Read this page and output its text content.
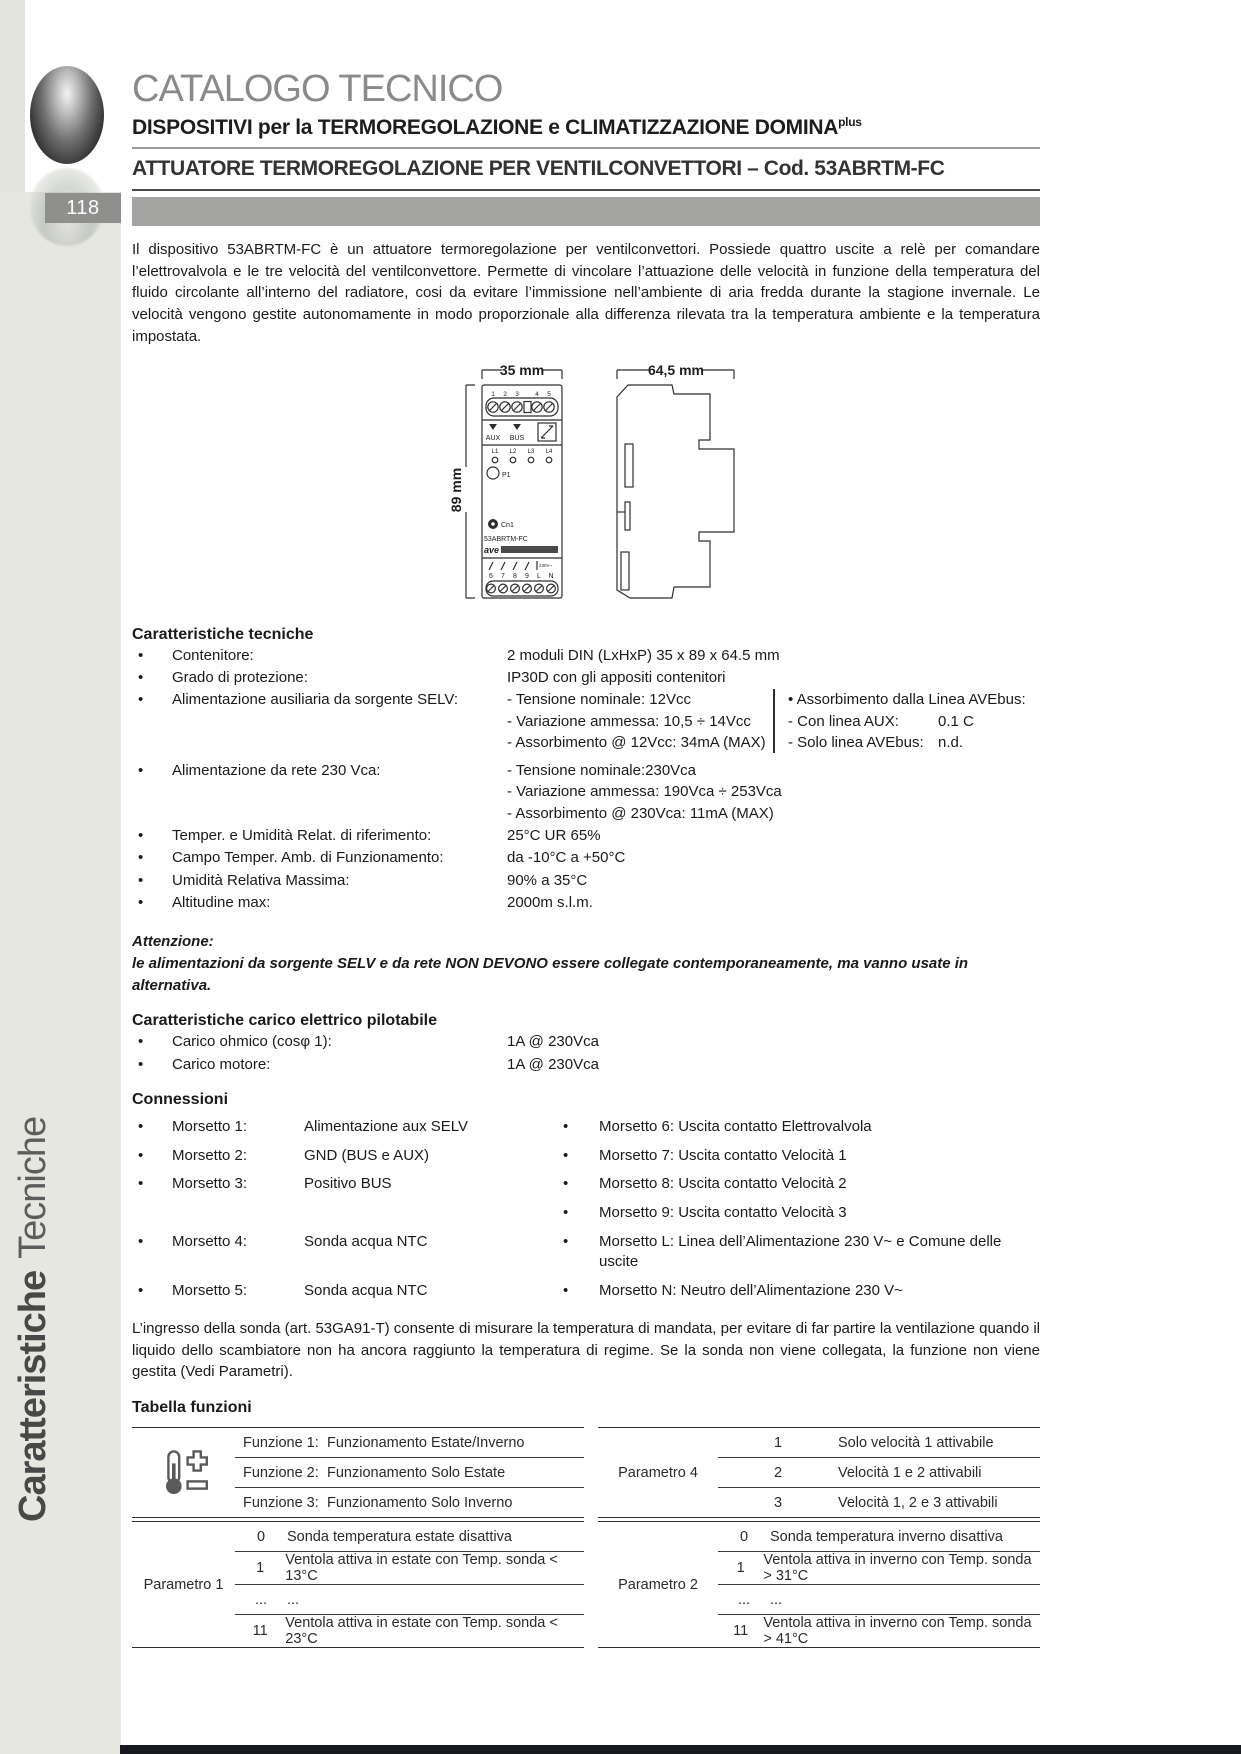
118
CaratteristicheTecniche
CATALOGO TECNICO
DISPOSITIVI per la TERMOREGOLAZIONE e CLIMATIZZAZIONE $DOMINA^{plus}$
ATTUATORE TERMOREGOLAZIONE PER VENTILCONVETTORI – Cod. 53ABRTM-FC

Il dispositivo 53ABRTM-FC è un attuatore termoregolazione per ventilconvettori. Possiede quattro uscite a relè per comandare l’elettrovalvola e le tre velocità del ventilconvettore. Permette di vincolare l’attuazione delle velocità in funzione della temperatura del fluido circolante all’interno del radiatore, cosi da evitare l’immissione nell’ambiente di aria fredda durante la stagione invernale. Le velocità vengono gestite autonomamente in modo proporzionale alla differenza rilevata tra la temperatura ambiente e la temperatura impostata.

35 mm
89 mm
64,5 mm
1 2 3	4 5
AUX BUS
L1 L2 L3 L4
P1
Cn1
53ABRTM-FC
ave
230V~
6 7 8 9 L N
Caratteristiche tecniche
•
Contenitore:	2 moduli DIN (LxHxP) 35 x 89 x 64.5 mm
•
Grado di protezione:	IP30D con gli appositi contenitori
•
Alimentazione ausiliaria da sorgente SELV:	- Tensione nominale: 12Vcc
- Variazione ammessa: 10,5 ÷ 14Vcc
- Assorbimento @ 12Vcc: 34mA (MAX)
• Assorbimento dalla Linea AVEbus:
- Con linea AUX:	0.1 C
- Solo linea AVEbus: n.d.
•
Alimentazione da rete 230 Vca:	- Tensione nominale:230Vca
- Variazione ammessa: 190Vca ÷ 253Vca
- Assorbimento @ 230Vca: 11mA (MAX)
•
Temper. e Umidità Relat. di riferimento:	25°C UR 65%
•
Campo Temper. Amb. di Funzionamento:	da -10°C a +50°C
•
Umidità Relativa Massima:	90% a 35°C
•
Altitudine max:	2000m s.l.m.
Attenzione:
le alimentazioni da sorgente SELV e da rete NON DEVONO essere collegate contemporaneamente, ma vanno usate in alternativa.
Caratteristiche carico elettrico pilotabile
•
Carico ohmico (cosφ 1):	1A @ 230Vca
•
Carico motore:	1A @ 230Vca
Connessioni
•
Morsetto 1:	Alimentazione aux SELV •	Morsetto 6: Uscita contatto Elettrovalvola
•
Morsetto 2:	GND (BUS e AUX) •	Morsetto 7: Uscita contatto Velocità 1
•
Morsetto 3:	Positivo BUS •	Morsetto 8: Uscita contatto Velocità 2
•
Morsetto 9: Uscita contatto Velocità 3
•
Morsetto 4:	Sonda acqua NTC •	Morsetto L: Linea dell’Alimentazione 230 V~ e Comune delle uscite
•
Morsetto 5:	Sonda acqua NTC •	Morsetto N: Neutro dell’Alimentazione 230 V~

L’ingresso della sonda (art. 53GA91-T) consente di misurare la temperatura di mandata, per evitare di far partire la ventilazione quando il liquido dello scambiatore non ha ancora raggiunto la temperatura di regime. Se la sonda non viene collegata, la funzione non viene gestita (Vedi Parametri).

Tabella funzioni
Funzione 1: Funzionamento Estate/Inverno
Funzione 2: Funzionamento Solo Estate
Funzione 3: Funzionamento Solo Inverno
Parametro 1
0	Sonda temperatura estate disattiva
1	Ventola attiva in estate con Temp. sonda < 13°C
...	...
11	Ventola attiva in estate con Temp. sonda < 23°C
Parametro 4
1	Solo velocità 1 attivabile
2	Velocità 1 e 2 attivabili
3	Velocità 1, 2 e 3 attivabili
Parametro 2
0	Sonda temperatura inverno disattiva
1	Ventola attiva in inverno con Temp. sonda > 31°C
...	...
11	Ventola attiva in inverno con Temp. sonda > 41°C
